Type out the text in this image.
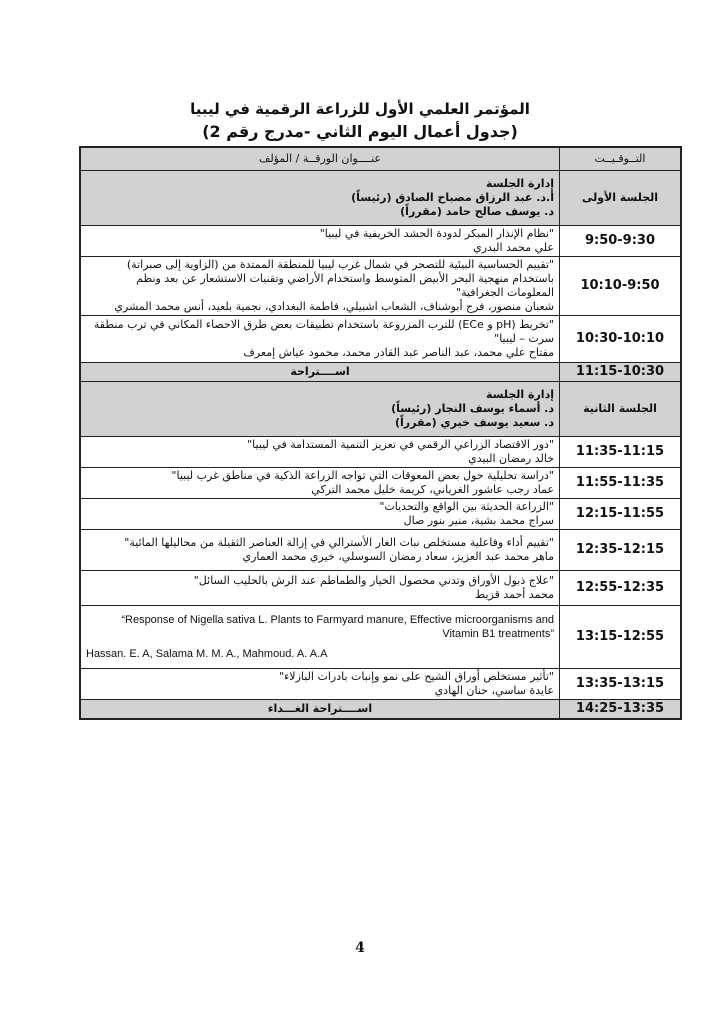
المؤتمر العلمي الأول للزراعة الرقمية في ليبيا
(جدول أعمال اليوم الثاني -مدرج رقم 2)
التــوقـيــت	عنــــوان الورقــة / المؤلف
الجلسة الأولى	إدارة الجلسة
أ.د. عبد الرزاق مصباح الصادق (رئيساً)
د. يوسف صالح حامد (مقرراً)

9:50-9:30	"نظام الإنذار المبكر لدودة الحشد الخريفية في ليبيا"
علي محمد البدري

10:10-9:50	"تقييم الحساسية البيئية للتصحر في شمال غرب ليبيا للمنطقة الممتدة من (الزاوية إلى صبراتة) باستخدام منهجية البحر الأبيض المتوسط واستخدام الأراضي وتقنيات الاستشعار عن بعد ونظم المعلومات الجغرافية"
شعبان منصور، فرج أبوشناف، الشعاب اشبيلي، فاطمة البغدادي، نجمية بلعيد، أنس محمد المشري

10:30-10:10	"تخريط (pH و ECe) للترب المزروعة باستخدام تطبيقات بعض طرق الاحصاء المكاني في ترب منطقة سرت – ليبيا"
مفتاح علي محمد، عبد الناصر عبد القادر محمد، محمود عياش إمعرف

11:15-10:30	اســــتراحة
الجلسة الثانية	إدارة الجلسة
د. أسماء يوسف النجار (رئيساً)
د. سعيد يوسف خيري (مقرراً)

11:35-11:15	"دور الاقتصاد الزراعي الرقمي في تعزيز التنمية المستدامة في ليبيا"
خالد رمضان البيدي

11:55-11:35	"دراسة تحليلية حول بعض المعوقات التي تواجه الزراعة الذكية في مناطق غرب ليبيا"
عماد رجب عاشور الغرياني، كريمة خليل محمد التركي

12:15-11:55	"الزراعة الحديثة بين الواقع والتحديات"
سراج محمد بشية، منير بنور صال

12:35-12:15	"تقييم أداء وفاعلية مستخلص نبات الغار الأسترالي في إزالة العناصر الثقيلة من محاليلها المائية"
ماهر محمد عبد العزيز، سعاد رمضان السوسلي، خيري محمد العماري

12:55-12:35	"علاج ذبول الأوراق وتدني محصول الخيار والطماطم عند الرش بالحليب السائل"
محمد أحمد قزيط

13:15-12:55	“Response of Nigella sativa L. Plants to Farmyard manure, Effective microorganisms and Vitamin B1 treatments”
Hassan. E. A, Salama M. M. A., Mahmoud. A. A.A

13:35-13:15	"تأثير مستخلص أوراق الشيح على نمو وإنبات بادرات البازلاء"
عايدة ساسي، حنان الهادي

14:25-13:35	اســــتراحة الغـــداء
4
